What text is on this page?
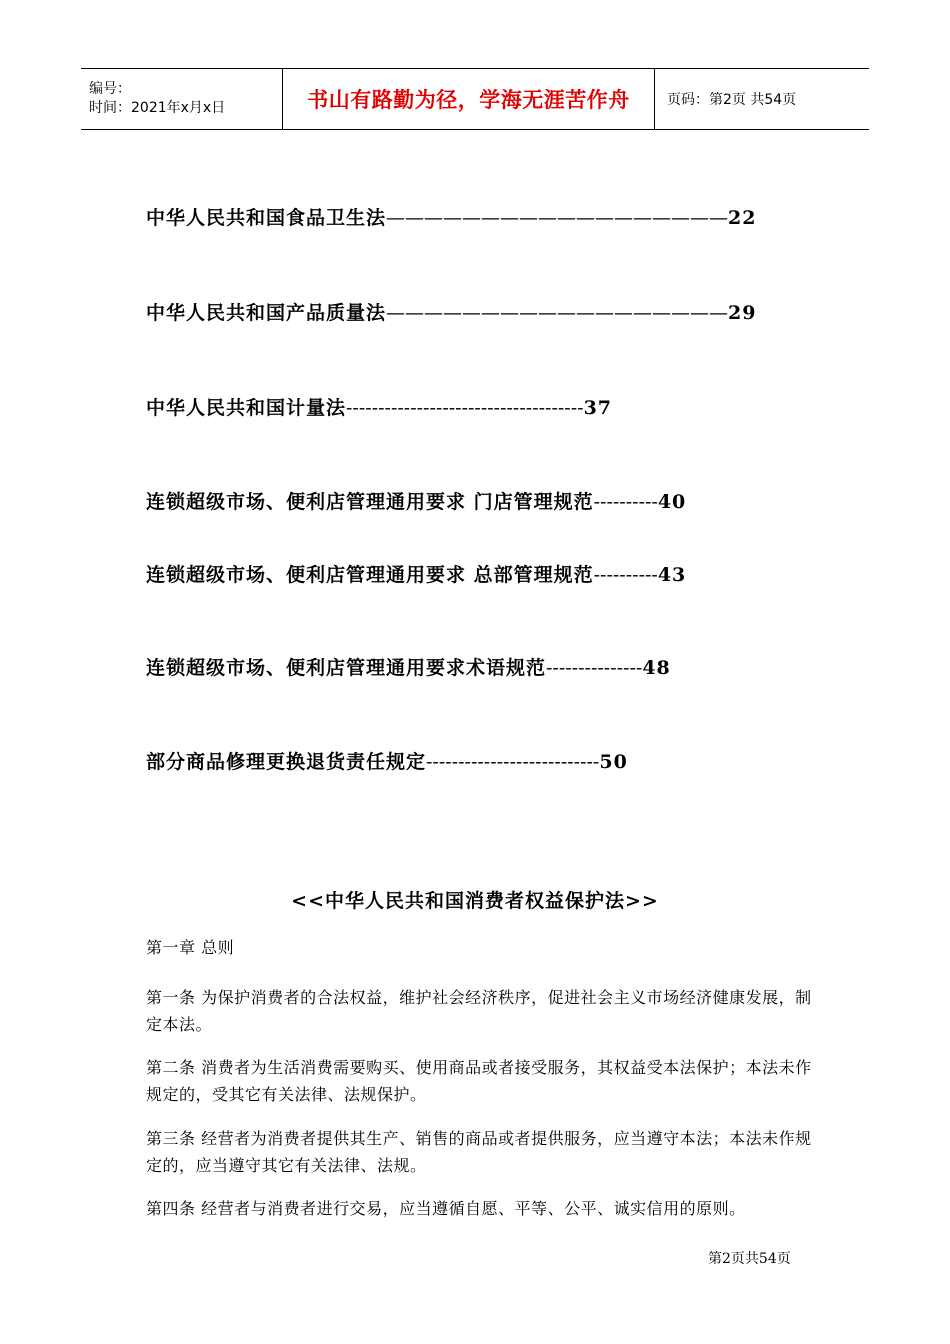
编号：
时间：2021年x月x日	书山有路勤为径，学海无涯苦作舟	页码：第2页 共54页
中华人民共和国食品卫生法——————————————————22
中华人民共和国产品质量法——————————————————29
中华人民共和国计量法-------------------------------------37
连锁超级市场、便利店管理通用要求 门店管理规范----------40
连锁超级市场、便利店管理通用要求 总部管理规范----------43
连锁超级市场、便利店管理通用要求术语规范---------------48
部分商品修理更换退货责任规定---------------------------50
<<中华人民共和国消费者权益保护法>>
第一章 总则
第一条 为保护消费者的合法权益，维护社会经济秩序，促进社会主义市场经济健康发展，制定本法。
第二条 消费者为生活消费需要购买、使用商品或者接受服务，其权益受本法保护；本法未作规定的，受其它有关法律、法规保护。
第三条 经营者为消费者提供其生产、销售的商品或者提供服务，应当遵守本法；本法未作规定的，应当遵守其它有关法律、法规。
第四条 经营者与消费者进行交易，应当遵循自愿、平等、公平、诚实信用的原则。
第2页共54页
